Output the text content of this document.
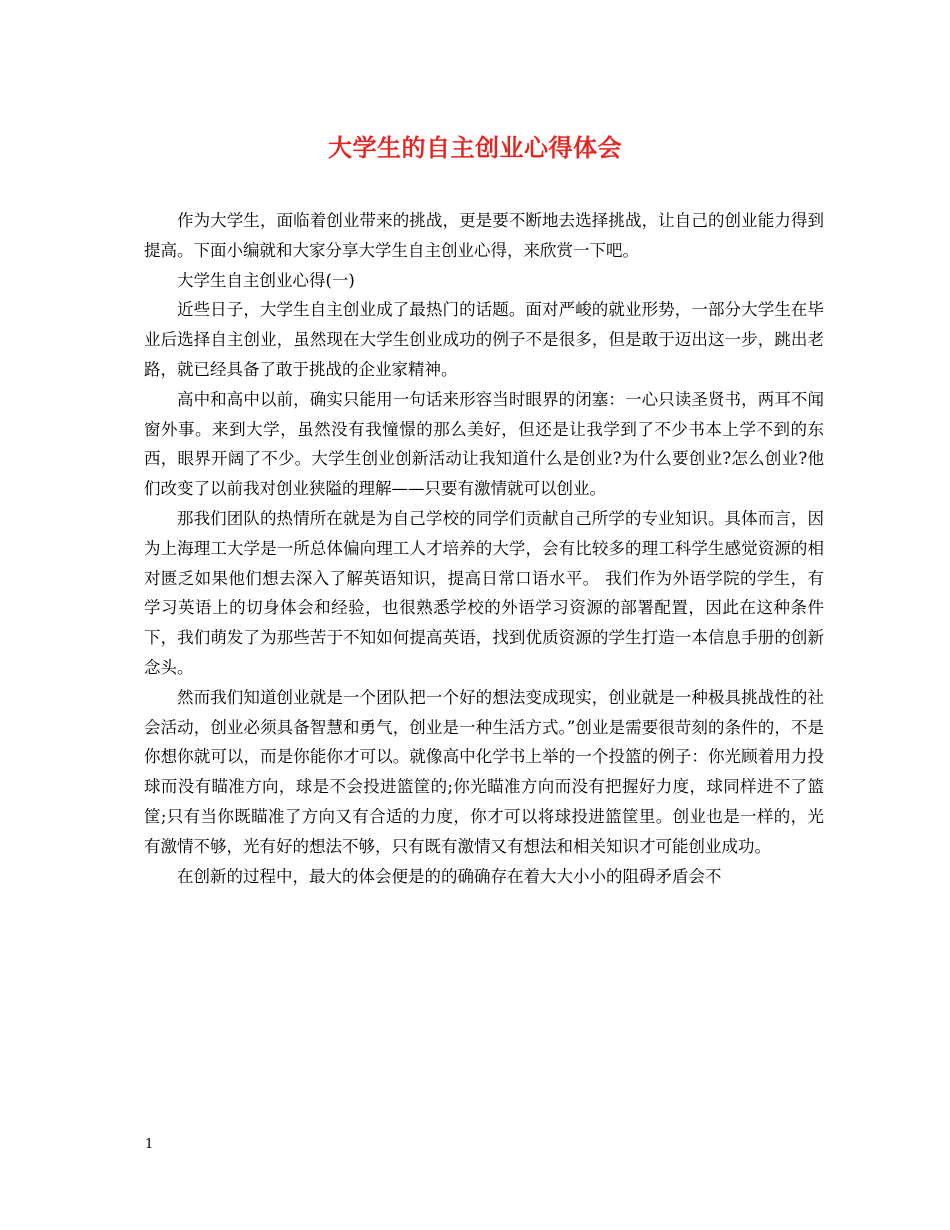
大学生的自主创业心得体会

作为大学生，面临着创业带来的挑战，更是要不断地去选择挑战，让自己的创业能力得到提高。下面小编就和大家分享大学生自主创业心得，来欣赏一下吧。

大学生自主创业心得(一)

近些日子，大学生自主创业成了最热门的话题。面对严峻的就业形势，一部分大学生在毕业后选择自主创业，虽然现在大学生创业成功的例子不是很多，但是敢于迈出这一步，跳出老路，就已经具备了敢于挑战的企业家精神。

高中和高中以前，确实只能用一句话来形容当时眼界的闭塞：一心只读圣贤书，两耳不闻窗外事。来到大学，虽然没有我憧憬的那么美好，但还是让我学到了不少书本上学不到的东西，眼界开阔了不少。大学生创业创新活动让我知道什么是创业?为什么要创业?怎么创业?他们改变了以前我对创业狭隘的理解——只要有激情就可以创业。

那我们团队的热情所在就是为自己学校的同学们贡献自己所学的专业知识。具体而言，因为上海理工大学是一所总体偏向理工人才培养的大学，会有比较多的理工科学生感觉资源的相对匮乏如果他们想去深入了解英语知识，提高日常口语水平。 我们作为外语学院的学生，有学习英语上的切身体会和经验，也很熟悉学校的外语学习资源的部署配置，因此在这种条件下，我们萌发了为那些苦于不知如何提高英语，找到优质资源的学生打造一本信息手册的创新念头。

然而我们知道创业就是一个团队把一个好的想法变成现实，创业就是一种极具挑战性的社会活动，创业必须具备智慧和勇气，创业是一种生活方式。”创业是需要很苛刻的条件的，不是你想你就可以，而是你能你才可以。就像高中化学书上举的一个投篮的例子：你光顾着用力投球而没有瞄准方向，球是不会投进篮筐的;你光瞄准方向而没有把握好力度，球同样进不了篮筐;只有当你既瞄准了方向又有合适的力度，你才可以将球投进篮筐里。创业也是一样的，光有激情不够，光有好的想法不够，只有既有激情又有想法和相关知识才可能创业成功。

在创新的过程中，最大的体会便是的的确确存在着大大小小的阻碍矛盾会不

1
